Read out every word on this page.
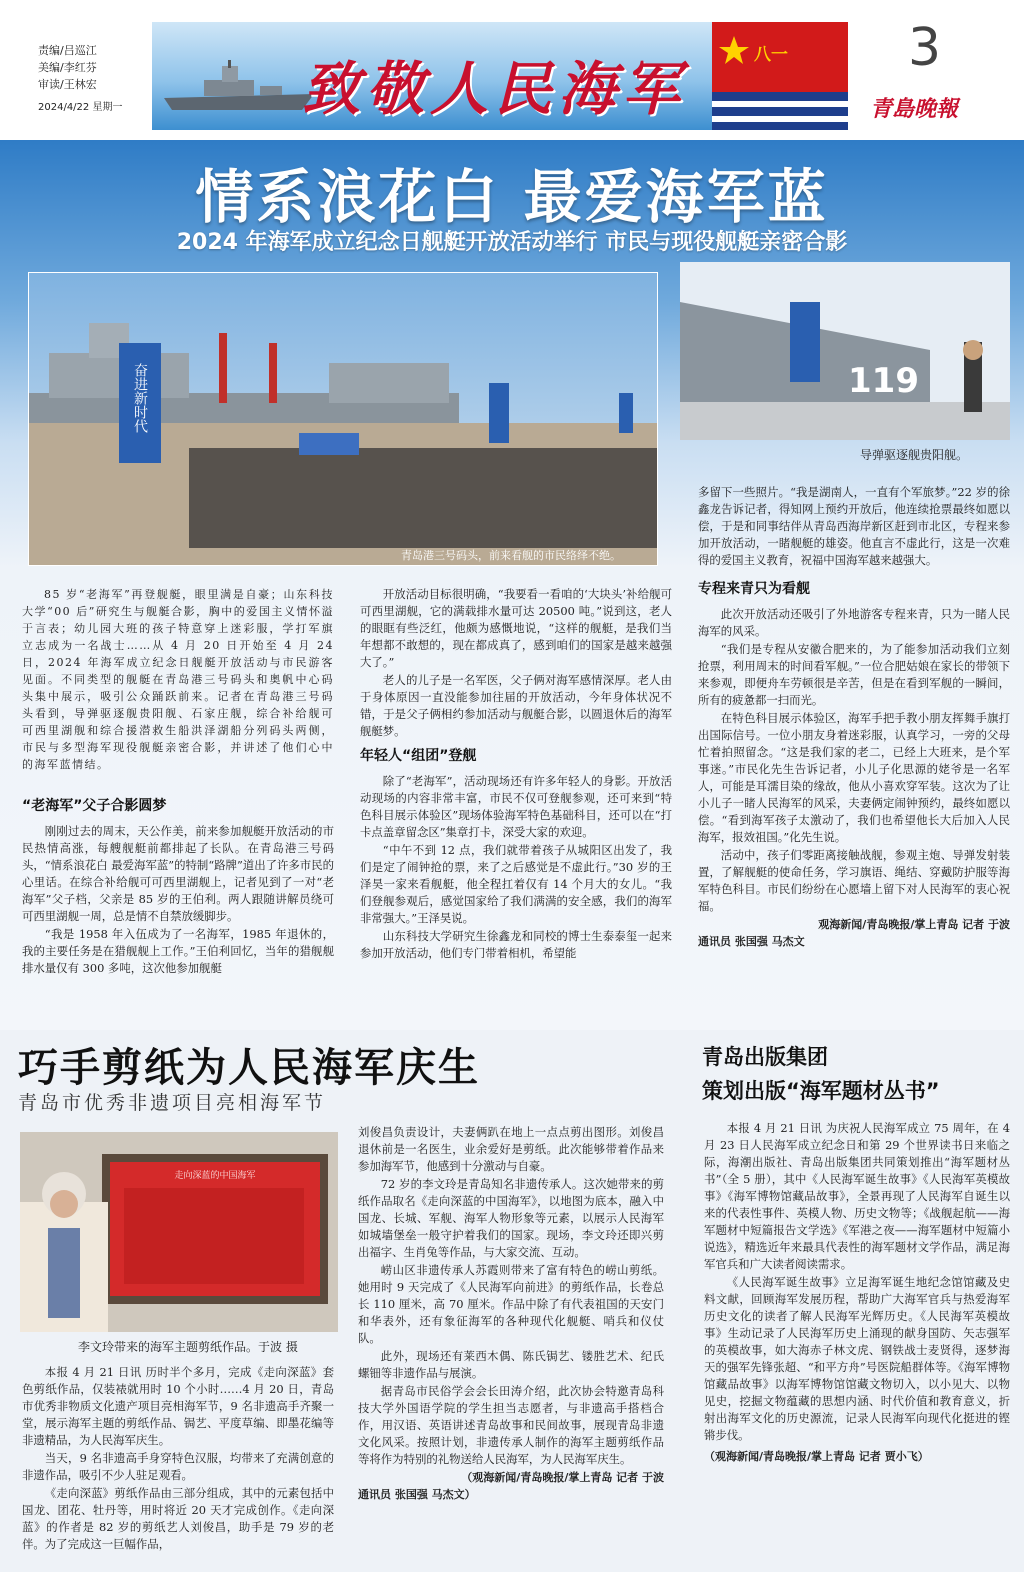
责编/吕巡江
美编/李红芬
审读/王林宏
2024/4/22 星期一	致敬人民海军	八一 3
青島晚報
情系浪花白 最爱海军蓝
2024 年海军成立纪念日舰艇开放活动举行 市民与现役舰艇亲密合影
奋进新时代
青岛港三号码头，前来看舰的市民络绎不绝。
119
导弹驱逐舰贵阳舰。

85 岁“老海军”再登舰艇，眼里满是自豪；山东科技大学“00 后”研究生与舰艇合影，胸中的爱国主义情怀溢于言表；幼儿园大班的孩子特意穿上迷彩服，学打军旗立志成为一名战士……从 4 月 20 日开始至 4 月 24 日，2024 年海军成立纪念日舰艇开放活动与市民游客见面。不同类型的舰艇在青岛港三号码头和奥帆中心码头集中展示，吸引公众踊跃前来。记者在青岛港三号码头看到，导弹驱逐舰贵阳舰、石家庄舰，综合补给舰可可西里湖舰和综合援潜救生船洪泽湖船分列码头两侧，市民与多型海军现役舰艇亲密合影，并讲述了他们心中的海军蓝情结。

“老海军”父子合影圆梦

刚刚过去的周末，天公作美，前来参加舰艇开放活动的市民热情高涨，每艘舰艇前都排起了长队。在青岛港三号码头，“情系浪花白 最爱海军蓝”的特制“路牌”道出了许多市民的心里话。在综合补给舰可可西里湖舰上，记者见到了一对“老海军”父子档，父亲是 85 岁的王伯利。两人跟随讲解员绕可可西里湖舰一周，总是情不自禁放缓脚步。

“我是 1958 年入伍成为了一名海军，1985 年退休的，我的主要任务是在猎舰舰上工作。”王伯利回忆，当年的猎舰舰排水量仅有 300 多吨，这次他参加舰艇

开放活动目标很明确，“我要看一看咱的‘大块头’补给舰可可西里湖舰，它的满载排水量可达 20500 吨。”说到这，老人的眼眶有些泛红，他颇为感慨地说，“这样的舰艇，是我们当年想都不敢想的，现在都成真了，感到咱们的国家是越来越强大了。”

老人的儿子是一名军医，父子俩对海军感情深厚。老人由于身体原因一直没能参加往届的开放活动，今年身体状况不错，于是父子俩相约参加活动与舰艇合影，以圆退休后的海军舰艇梦。

年轻人“组团”登舰

除了“老海军”，活动现场还有许多年轻人的身影。开放活动现场的内容非常丰富，市民不仅可登舰参观，还可来到“特色科目展示体验区”现场体验海军特色基础科目，还可以在“打卡点盖章留念区”集章打卡，深受大家的欢迎。

“中午不到 12 点，我们就带着孩子从城阳区出发了，我们是定了闹钟抢的票，来了之后感觉是不虚此行。”30 岁的王泽昊一家来看舰艇，他全程扛着仅有 14 个月大的女儿。“我们登舰参观后，感觉国家给了我们满满的安全感，我们的海军非常强大。”王泽昊说。

山东科技大学研究生徐鑫龙和同校的博士生泰泰玺一起来参加开放活动，他们专门带着相机，希望能

多留下一些照片。“我是湖南人，一直有个军旅梦。”22 岁的徐鑫龙告诉记者，得知网上预约开放后，他连续抢票最终如愿以偿，于是和同事结伴从青岛西海岸新区赶到市北区，专程来参加开放活动，一睹舰艇的雄姿。他直言不虚此行，这是一次难得的爱国主义教育，祝福中国海军越来越强大。

专程来青只为看舰

此次开放活动还吸引了外地游客专程来青，只为一睹人民海军的风采。

“我们是专程从安徽合肥来的，为了能参加活动我们立刻抢票，利用周末的时间看军舰。”一位合肥姑娘在家长的带领下来参观，即便舟车劳顿很是辛苦，但是在看到军舰的一瞬间，所有的疲惫都一扫而光。

在特色科目展示体验区，海军手把手教小朋友挥舞手旗打出国际信号。一位小朋友身着迷彩服，认真学习，一旁的父母忙着拍照留念。“这是我们家的老二，已经上大班来，是个军事迷。”市民化先生告诉记者，小儿子化思源的姥爷是一名军人，可能是耳濡目染的缘故，他从小喜欢穿军装。这次为了让小儿子一睹人民海军的风采，夫妻俩定闹钟预约，最终如愿以偿。“看到海军孩子太激动了，我们也希望他长大后加入人民海军，报效祖国。”化先生说。

活动中，孩子们零距离接触战舰，参观主炮、导弹发射装置，了解舰艇的使命任务，学习旗语、绳结、穿戴防护服等海军特色科目。市民们纷纷在心愿墙上留下对人民海军的衷心祝福。

观海新闻/青岛晚报/掌上青岛 记者 于波
通讯员 张国强 马杰文
巧手剪纸为人民海军庆生
青岛市优秀非遗项目亮相海军节
走向深蓝的中国海军
李文玲带来的海军主题剪纸作品。于波 摄

本报 4 月 21 日讯 历时半个多月，完成《走向深蓝》套色剪纸作品，仅装裱就用时 10 个小时……4 月 20 日，青岛市优秀非物质文化遗产项目亮相海军节，9 名非遗高手齐聚一堂，展示海军主题的剪纸作品、锔艺、平度草编、即墨花编等非遗精品，为人民海军庆生。

当天，9 名非遗高手身穿特色汉服，均带来了充满创意的非遗作品，吸引不少人驻足观看。

《走向深蓝》剪纸作品由三部分组成，其中的元素包括中国龙、团花、牡丹等，用时将近 20 天才完成创作。《走向深蓝》的作者是 82 岁的剪纸艺人刘俊昌，助手是 79 岁的老伴。为了完成这一巨幅作品，

刘俊昌负责设计，夫妻俩趴在地上一点点剪出图形。刘俊昌退休前是一名医生，业余爱好是剪纸。此次能够带着作品来参加海军节，他感到十分激动与自豪。

72 岁的李文玲是青岛知名非遗传承人。这次她带来的剪纸作品取名《走向深蓝的中国海军》，以地图为底本，融入中国龙、长城、军舰、海军人物形象等元素，以展示人民海军如城墙堡垒一般守护着我们的国家。现场，李文玲还即兴剪出福字、生肖兔等作品，与大家交流、互动。

崂山区非遗传承人苏霞则带来了富有特色的崂山剪纸。她用时 9 天完成了《人民海军向前进》的剪纸作品，长卷总长 110 厘米，高 70 厘米。作品中除了有代表祖国的天安门和华表外，还有象征海军的各种现代化舰艇、哨兵和仪仗队。

此外，现场还有莱西木偶、陈氏锔艺、镂胜艺术、纪氏螺钿等非遗作品与展演。

据青岛市民俗学会会长田涛介绍，此次协会特邀青岛科技大学外国语学院的学生担当志愿者，与非遗高手搭档合作，用汉语、英语讲述青岛故事和民间故事，展现青岛非遗文化风采。按照计划，非遗传承人制作的海军主题剪纸作品等将作为特别的礼物送给人民海军，为人民海军庆生。

（观海新闻/青岛晚报/掌上青岛 记者 于波
通讯员 张国强 马杰文）
青岛出版集团
策划出版“海军题材丛书”

本报 4 月 21 日讯 为庆祝人民海军成立 75 周年，在 4 月 23 日人民海军成立纪念日和第 29 个世界读书日来临之际，海潮出版社、青岛出版集团共同策划推出“海军题材丛书”（全 5 册），其中《人民海军诞生故事》《人民海军英模故事》《海军博物馆藏品故事》，全景再现了人民海军自诞生以来的代表性事件、英模人物、历史文物等；《战舰起航——海军题材中短篇报告文学选》《军港之夜——海军题材中短篇小说选》，精选近年来最具代表性的海军题材文学作品，满足海军官兵和广大读者阅读需求。

《人民海军诞生故事》立足海军诞生地纪念馆馆藏及史料文献，回顾海军发展历程，帮助广大海军官兵与热爱海军历史文化的读者了解人民海军光辉历史。《人民海军英模故事》生动记录了人民海军历史上涌现的献身国防、矢志强军的英模故事，如大海赤子林文虎、钢铁战士麦贤得，逐梦海天的强军先锋张超、“和平方舟”号医院船群体等。《海军博物馆藏品故事》以海军博物馆馆藏文物切入，以小见大、以物见史，挖掘文物蕴藏的思想内涵、时代价值和教育意义，折射出海军文化的历史源流，记录人民海军向现代化挺进的铿锵步伐。

（观海新闻/青岛晚报/掌上青岛 记者 贾小飞）
